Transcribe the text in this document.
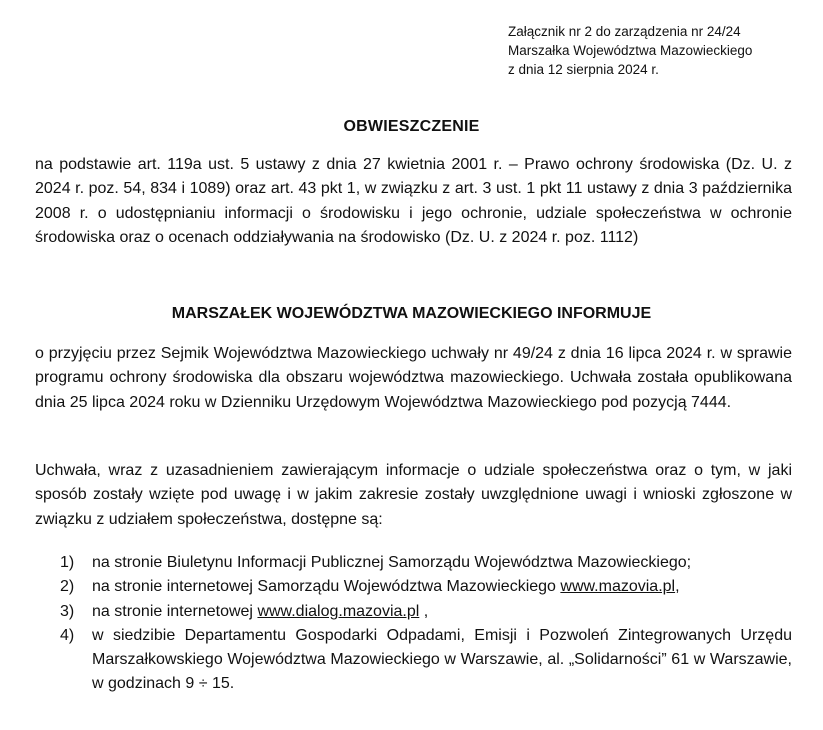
Załącznik nr 2 do zarządzenia nr 24/24
Marszałka Województwa Mazowieckiego
z dnia 12 sierpnia 2024 r.
OBWIESZCZENIE
na podstawie art. 119a ust. 5 ustawy z dnia 27 kwietnia 2001 r. – Prawo ochrony środowiska (Dz. U. z 2024 r. poz. 54, 834 i 1089) oraz art. 43 pkt 1, w związku z art. 3 ust. 1 pkt 11 ustawy z dnia 3 października 2008 r. o udostępnianiu informacji o środowisku i jego ochronie, udziale społeczeństwa w ochronie środowiska oraz o ocenach oddziaływania na środowisko (Dz. U. z 2024 r. poz. 1112)
MARSZAŁEK WOJEWÓDZTWA MAZOWIECKIEGO INFORMUJE
o przyjęciu przez Sejmik Województwa Mazowieckiego uchwały nr 49/24 z dnia 16 lipca 2024 r. w sprawie programu ochrony środowiska dla obszaru województwa mazowieckiego. Uchwała została opublikowana dnia 25 lipca 2024 roku w Dzienniku Urzędowym Województwa Mazowieckiego pod pozycją 7444.
Uchwała, wraz z uzasadnieniem zawierającym informacje o udziale społeczeństwa oraz o tym, w jaki sposób zostały wzięte pod uwagę i w jakim zakresie zostały uwzględnione uwagi i wnioski zgłoszone w związku z udziałem społeczeństwa, dostępne są:
1) na stronie Biuletynu Informacji Publicznej Samorządu Województwa Mazowieckiego;
2) na stronie internetowej Samorządu Województwa Mazowieckiego www.mazovia.pl,
3) na stronie internetowej www.dialog.mazovia.pl ,
4) w siedzibie Departamentu Gospodarki Odpadami, Emisji i Pozwoleń Zintegrowanych Urzędu Marszałkowskiego Województwa Mazowieckiego w Warszawie, al. „Solidarności” 61 w Warszawie, w godzinach 9 ÷ 15.
